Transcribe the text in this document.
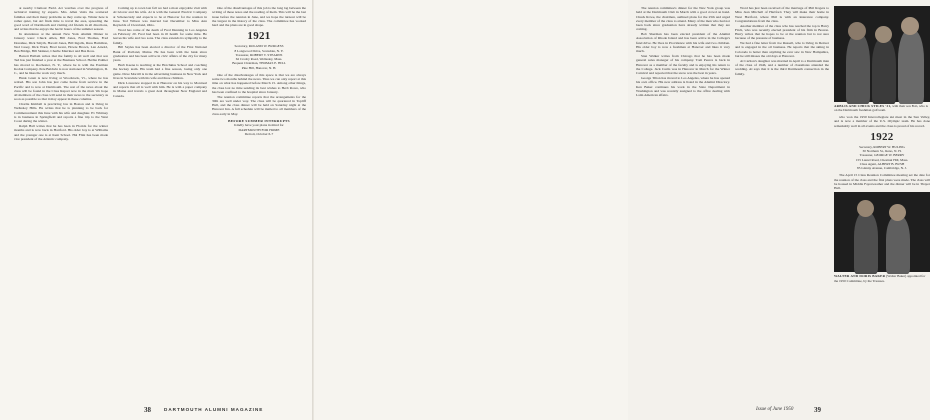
at nearby Clamour Field. Art watches over the progress of technical training by experts. Mrs. Allen visits the scattered families and their many problems as they come up. Winter here is rather quiet, but Art finds time to travel the area, spreading the good word of Dartmouth and visiting old friends in all directions, and writes that he enjoys the hectic hours of the summer season.

In attendance at the annual New York Alumni Dinner in January were: Chuck Allen, Bill Jones, Fred Thomas, Fred Donahue, Dick Smyth, Harold Jones, Bill Ingalls, Russ Hamilton, Ned Casey, Dick Ward, Brad Grant, Howie Brown, Lan Arnold, Ben Bridge, Bill Skinner, Charlie Marriner and Bus Ross.

Barrett Hallam writes that the family is all well and that son Ted has just finished a year at the Business School. Herbie Palmer has moved to Rochester, N. Y., where he is with the Eastman Kodak Company. Pete Baldwin is now stationed in Washington, D. C., and he likes the work very much.

Hank Grant is now living at Woodstock, Vt., where he has retired. His son John has just come home from service in the Pacific and is now at Dartmouth. The rest of the news about the class will be found in the Class Report now in the mail. We hope all members of the class will send in their news to the secretary as soon as possible so that it may appear in these columns.

Charlie Kimball is practicing law in Boston and is living in Wellesley Hills. He writes that he is planning to be back for Commencement this June with his wife and daughter. Ev Whitney is in business in Springfield and reports a fine trip to the West Coast during the winter.

Ralph Hall writes that he has been in Florida for the winter months and is now back in Hartford. His older boy is at Williams and the younger one is at Kent School. Hal Flint has been made vice president of the Atlantic company.

Coming up to town last fall we had a most enjoyable visit with Al Glover and his wife. Al is with the General Electric Company at Schenectady and expects to be at Hanover for the reunion in June. Ted Wilson was married last December to Miss Ann Reynolds of Cleveland, Ohio.

Word has come of the death of Fred Dunning in Los Angeles on February 20. Fred had been in ill health for some time. He leaves his wife and two sons. The class extends its sympathy to the family.

Bill Sayles has been elected a director of the First National Bank of Portland, Maine. He has been with the bank since graduation and has been active in civic affairs of the city for many years.

Herb Keene is teaching at the Hotchkiss School and coaching the hockey team. His team had a fine season, losing only one game. Dave Morrill is in the advertising business in New York and lives in Scarsdale with his wife and three children.

Dick Lawrence stopped in at Hanover on his way to Montreal and reports that all is well with him. He is with a paper company in Maine and travels a great deal throughout New England and Canada.

One of the disadvantages of this job is the long lag between the writing of these notes and the reading of them. This will be the last issue before the reunion in June, and we hope the turnout will be the largest in the history of the class. The committee has worked hard and the plans are in good shape.

1921
Secretary, ROLAND W. BURGESS
8 Longwood Drive, Scarsdale, N. Y.
Treasurer, ROBERT T. STEARNS
62 Crosby Road, Wellesley, Mass.
Bequest Chairman, THOMAS E. HILL
Pine Hill, Hanover, N. H.

One of the disadvantages of this space is that we are always some two months behind the news. Thus we can only report at this time on what has happened before March 15. Among other things, the class lost no time sending its best wishes to Herb Rowe, who has been confined to the hospital since January.

The reunion committee reports that the arrangements for the 30th are well under way. The class will be quartered in Topliff Hall, and the class dinner will be held on Saturday night at the Hanover Inn. A full schedule will be mailed to all members of the class early in May.

BEFORE SUMMER INTERRUPTS
Kindly have your plans in mind for
DARTMOUTH FOR HOME
Detroit, October 6-7
38	DARTMOUTH ALUMNI MAGAZINE

The reunion committee's dinner for the New York group was held at the Dartmouth Club in March with a good crowd on hand. Chuck Rowe, the chairman, outlined plans for the 25th and urged every member of the class to attend. Many of the men who had not been back since graduation have already written that they are coming.

Bob Sherman has been elected president of the Alumni Association of Rhode Island and has been active in the College's fund drive. He lives in Providence with his wife and two children. His older boy is now a freshman at Hanover and likes it very much.

Stan Walker writes from Chicago that he has been made general sales manager of his company. Tom Pearce is back in Hanover as a member of the faculty and is enjoying his return to the College. Jack Curtis was in Hanover in March for the Winter Carnival and reported that the snow was the best in years.

George Tilton has moved to Los Angeles, where he has opened his own office. His new address is listed in the Alumni Directory. Ken Baker continues his work in the State Department in Washington and was recently assigned to the office dealing with Latin American affairs.

Word has just been received of the marriage of Phil Rogers to Miss Jean Mitchell of Hartford. They will make their home in West Hartford, where Phil is with an insurance company. Congratulations from the class.

Another member of the class who has reached the top is Harry Fitch, who was recently elected president of his firm in Boston. Harry writes that he hopes to be at the reunion but is not sure because of the pressure of business.

We had a fine letter from Joe Russell, who is living in Denver and is engaged in the oil business. He reports that the skiing in Colorado is better than anything he ever saw in New Hampshire, but he still misses the old days at Hanover.

Al Carlton's daughter was married in April to a Dartmouth man of the class of 1946, and a number of classmates attended the wedding. Al says that it is the third Dartmouth connection in the family.

ARBLIS AND CHICK STILES '21, with their son Bob, who is on the Dartmouth freshman golf team.

who won the 1950 Intercollegiate ski meet in the Sun Valley, and is now a member of the U.S. Olympic team. He has done remarkably well in all events and the class is proud of his record.

1922
Secretary, ROBERT W. HULING
30 Northern St., Reno, N. H.
Treasurer, GEORGE W. BERRY
155 Laurel Road, Chestnut Hill, Mass.
Class Agent, ALBERT B. BUSH
85 Glanny Avenue, Cambridge, N. J.

The April 15 Class Reunion Committee meeting set the date for the reunion of the class and the first plans were made. The class will be housed in Middle Fayerweather and the dinner will be in Thayer Hall.

WALTER AND DORIS BAKER (Walter Baker) appointed for the 1950 Committee, by the Trustees.
Issue of June 1950	39
